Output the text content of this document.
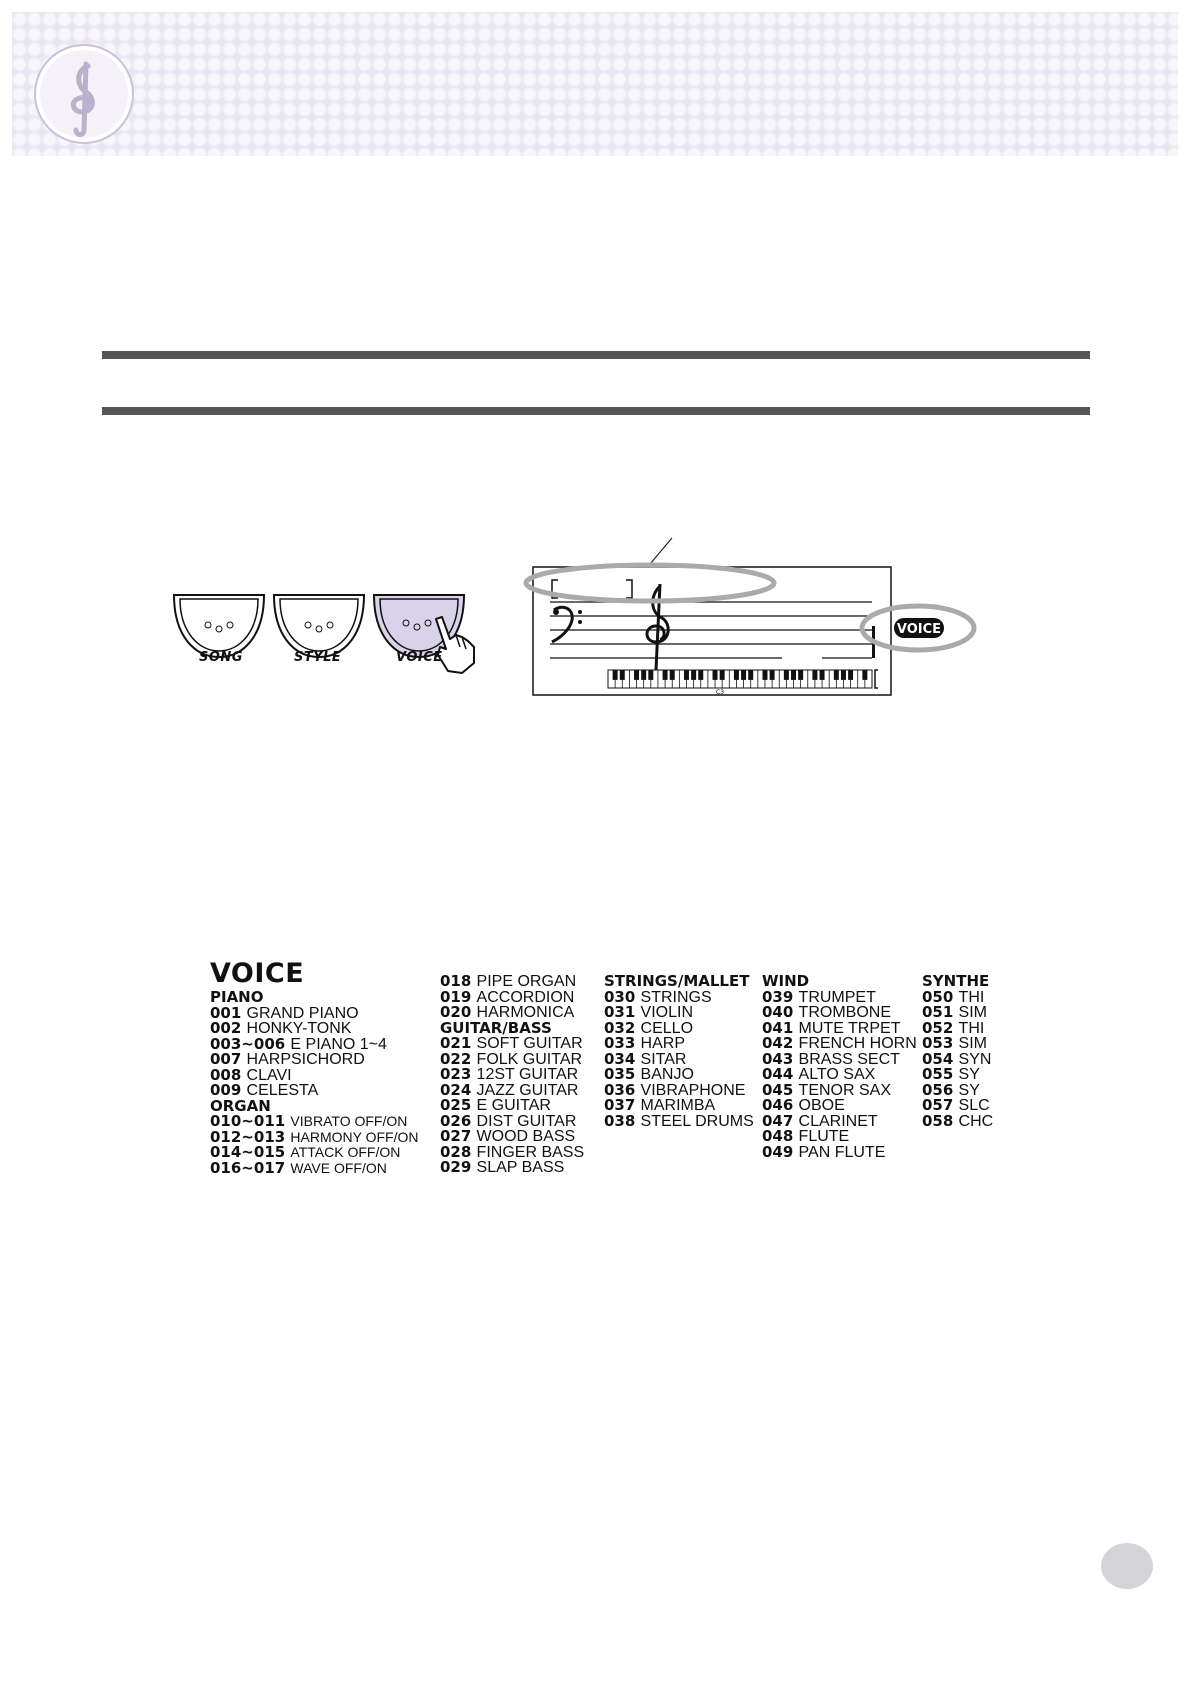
SONG	STYLE	VOICE
C3
VOICE
VOICE
PIANO
001 GRAND PIANO
002 HONKY-TONK
003~006 E PIANO 1~4
007 HARPSICHORD
008 CLAVI
009 CELESTA
ORGAN
010~011 VIBRATO OFF/ON
012~013 HARMONY OFF/ON
014~015 ATTACK OFF/ON
016~017 WAVE OFF/ON
018 PIPE ORGAN
019 ACCORDION
020 HARMONICA
GUITAR/BASS
021 SOFT GUITAR
022 FOLK GUITAR
023 12ST GUITAR
024 JAZZ GUITAR
025 E GUITAR
026 DIST GUITAR
027 WOOD BASS
028 FINGER BASS
029 SLAP BASS
STRINGS/MALLET
030 STRINGS
031 VIOLIN
032 CELLO
033 HARP
034 SITAR
035 BANJO
036 VIBRAPHONE
037 MARIMBA
038 STEEL DRUMS
WIND
039 TRUMPET
040 TROMBONE
041 MUTE TRPET
042 FRENCH HORN
043 BRASS SECT
044 ALTO SAX
045 TENOR SAX
046 OBOE
047 CLARINET
048 FLUTE
049 PAN FLUTE
SYNTHE
050 THI
051 SIM
052 THI
053 SIM
054 SYN
055 SY
056 SY
057 SLC
058 CHC
